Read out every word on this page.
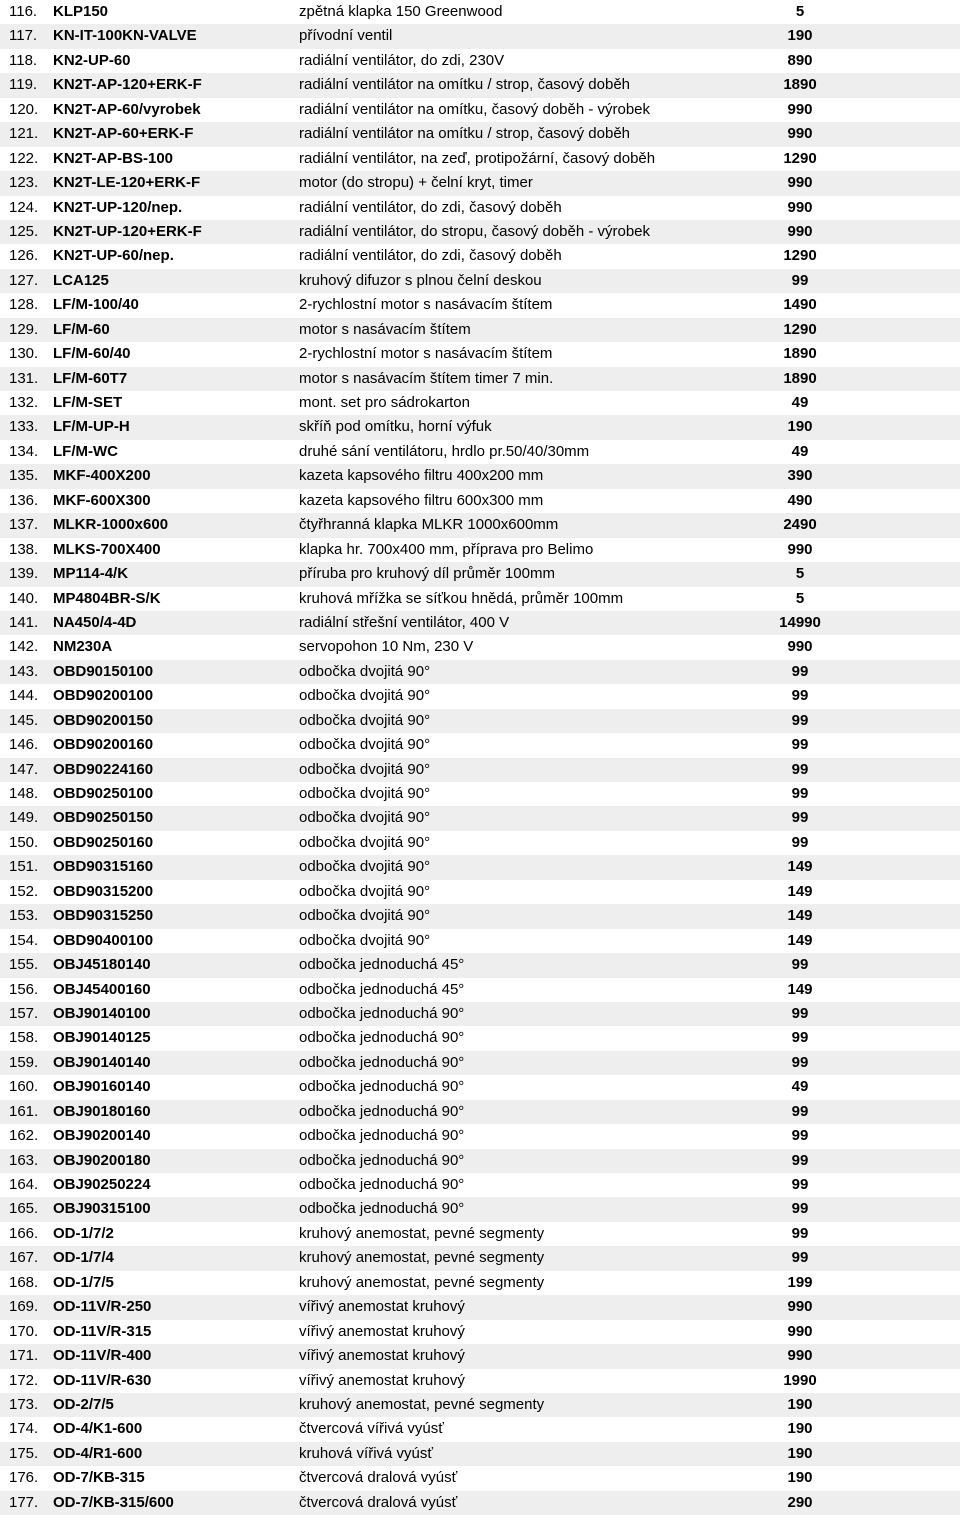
116.	KLP150	zpětná klapka 150 Greenwood	5
117.	KN-IT-100KN-VALVE	přívodní ventil	190
118.	KN2-UP-60	radiální ventilátor, do zdi, 230V	890
119.	KN2T-AP-120+ERK-F	radiální ventilátor na omítku / strop, časový doběh	1890
120. KN2T-AP-60/vyrobek	radiální ventilátor na omítku, časový doběh - výrobek	990
121. KN2T-AP-60+ERK-F	radiální ventilátor na omítku / strop, časový doběh	990
122. KN2T-AP-BS-100	radiální ventilátor, na zeď, protipožární, časový doběh	1290
123. KN2T-LE-120+ERK-F	motor (do stropu) + čelní kryt, timer	990
124. KN2T-UP-120/nep.	radiální ventilátor, do zdi, časový doběh	990
125. KN2T-UP-120+ERK-F	radiální ventilátor, do stropu, časový doběh - výrobek	990
126. KN2T-UP-60/nep.	radiální ventilátor, do zdi, časový doběh	1290
127. LCA125	kruhový difuzor s plnou čelní deskou	99
128. LF/M-100/40	2-rychlostní motor s nasávacím štítem	1490
129. LF/M-60	motor s nasávacím štítem	1290
130. LF/M-60/40	2-rychlostní motor s nasávacím štítem	1890
131. LF/M-60T7	motor s nasávacím štítem timer 7 min.	1890
132. LF/M-SET	mont. set pro sádrokarton	49
133. LF/M-UP-H	skříň pod omítku, horní výfuk	190
134. LF/M-WC	druhé sání ventilátoru, hrdlo pr.50/40/30mm	49
135. MKF-400X200	kazeta kapsového filtru 400x200 mm	390
136. MKF-600X300	kazeta kapsového filtru 600x300 mm	490
137. MLKR-1000x600	čtyřhranná klapka MLKR 1000x600mm	2490
138. MLKS-700X400	klapka hr. 700x400 mm, příprava pro Belimo	990
139. MP114-4/K	příruba pro kruhový díl průměr 100mm	5
140. MP4804BR-S/K	kruhová mřížka se síťkou hnědá, průměr 100mm	5
141. NA450/4-4D	radiální střešní ventilátor, 400 V	14990
142. NM230A	servopohon 10 Nm, 230 V	990
143. OBD90150100	odbočka dvojitá 90°	99
144. OBD90200100	odbočka dvojitá 90°	99
145. OBD90200150	odbočka dvojitá 90°	99
146. OBD90200160	odbočka dvojitá 90°	99
147. OBD90224160	odbočka dvojitá 90°	99
148. OBD90250100	odbočka dvojitá 90°	99
149. OBD90250150	odbočka dvojitá 90°	99
150. OBD90250160	odbočka dvojitá 90°	99
151. OBD90315160	odbočka dvojitá 90°	149
152. OBD90315200	odbočka dvojitá 90°	149
153. OBD90315250	odbočka dvojitá 90°	149
154. OBD90400100	odbočka dvojitá 90°	149
155. OBJ45180140	odbočka jednoduchá 45°	99
156. OBJ45400160	odbočka jednoduchá 45°	149
157. OBJ90140100	odbočka jednoduchá 90°	99
158. OBJ90140125	odbočka jednoduchá 90°	99
159. OBJ90140140	odbočka jednoduchá 90°	99
160. OBJ90160140	odbočka jednoduchá 90°	49
161. OBJ90180160	odbočka jednoduchá 90°	99
162. OBJ90200140	odbočka jednoduchá 90°	99
163. OBJ90200180	odbočka jednoduchá 90°	99
164. OBJ90250224	odbočka jednoduchá 90°	99
165. OBJ90315100	odbočka jednoduchá 90°	99
166. OD-1/7/2	kruhový anemostat, pevné segmenty	99
167. OD-1/7/4	kruhový anemostat, pevné segmenty	99
168. OD-1/7/5	kruhový anemostat, pevné segmenty	199
169. OD-11V/R-250	vířivý anemostat kruhový	990
170. OD-11V/R-315	vířivý anemostat kruhový	990
171. OD-11V/R-400	vířivý anemostat kruhový	990
172. OD-11V/R-630	vířivý anemostat kruhový	1990
173. OD-2/7/5	kruhový anemostat, pevné segmenty	190
174. OD-4/K1-600	čtvercová vířivá vyúsť	190
175. OD-4/R1-600	kruhová vířivá vyúsť	190
176. OD-7/KB-315	čtvercová dralová vyúsť	190
177. OD-7/KB-315/600	čtvercová dralová vyúsť	290
